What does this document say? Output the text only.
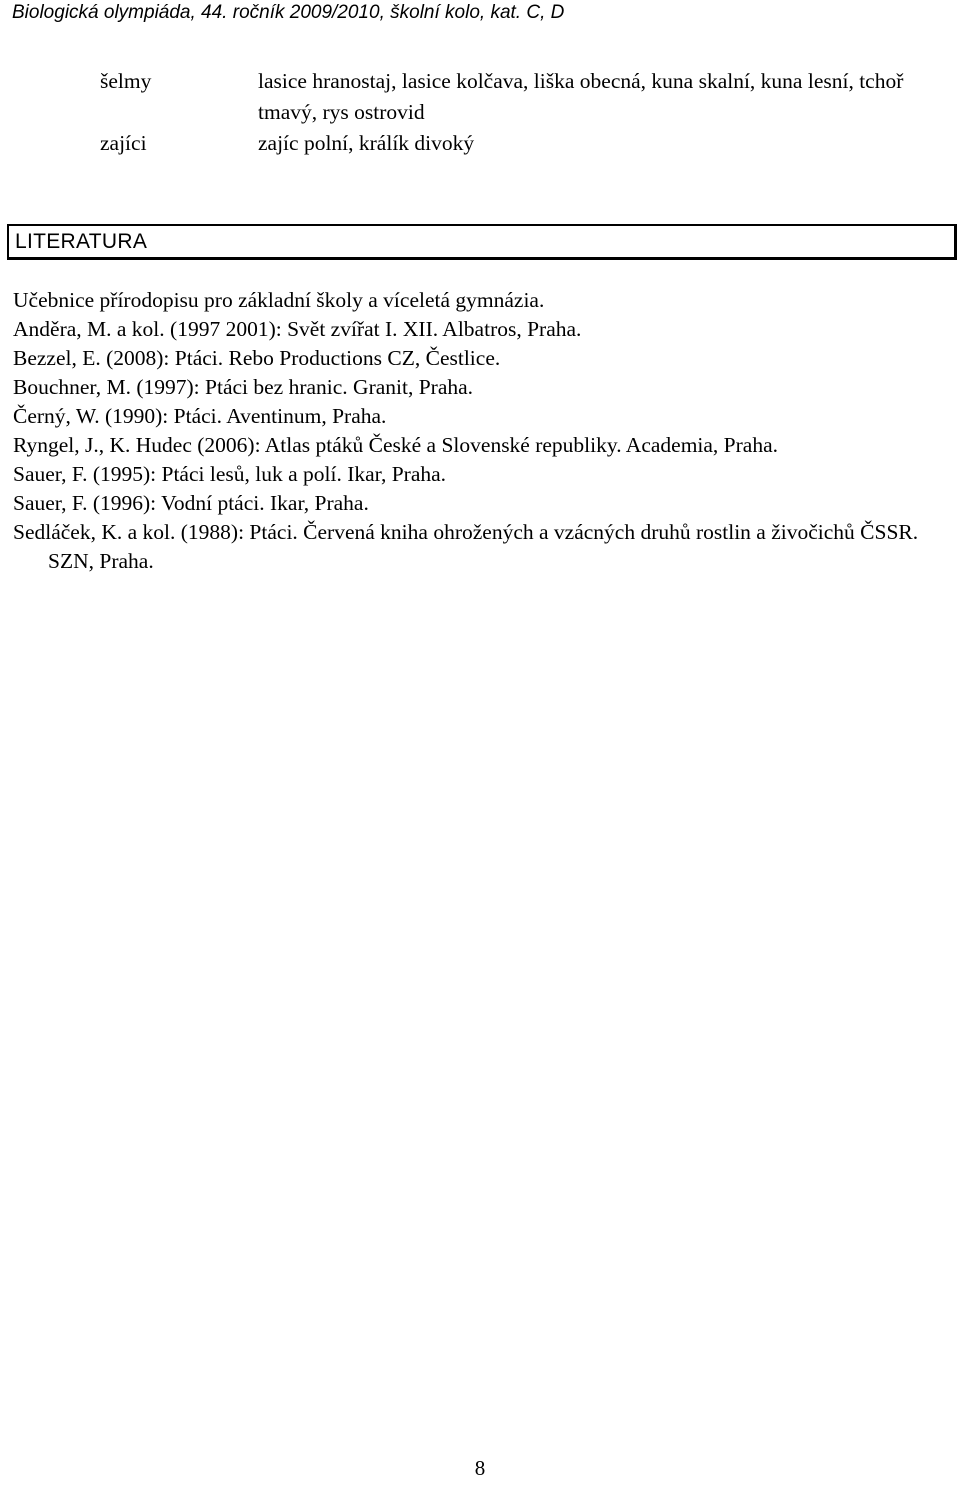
Biologická olympiáda, 44. ročník 2009/2010, školní kolo, kat. C, D
šelmy	lasice hranostaj, lasice kolčava, liška obecná, kuna skalní, kuna lesní, tchoř tmavý, rys ostrovid
zajíci	zajíc polní, králík divoký
LITERATURA
Učebnice přírodopisu pro základní školy a víceletá gymnázia.
Anděra, M. a kol. (1997 2001): Svět zvířat I. XII. Albatros, Praha.
Bezzel, E. (2008): Ptáci. Rebo Productions CZ, Čestlice.
Bouchner, M. (1997): Ptáci bez hranic. Granit, Praha.
Černý, W. (1990): Ptáci. Aventinum, Praha.
Ryngel, J., K. Hudec (2006): Atlas ptáků České a Slovenské republiky. Academia, Praha.
Sauer, F. (1995): Ptáci lesů, luk a polí. Ikar, Praha.
Sauer, F. (1996): Vodní ptáci. Ikar, Praha.
Sedláček, K. a kol. (1988): Ptáci. Červená kniha ohrožených a vzácných druhů rostlin a živočichů ČSSR. SZN, Praha.
8
